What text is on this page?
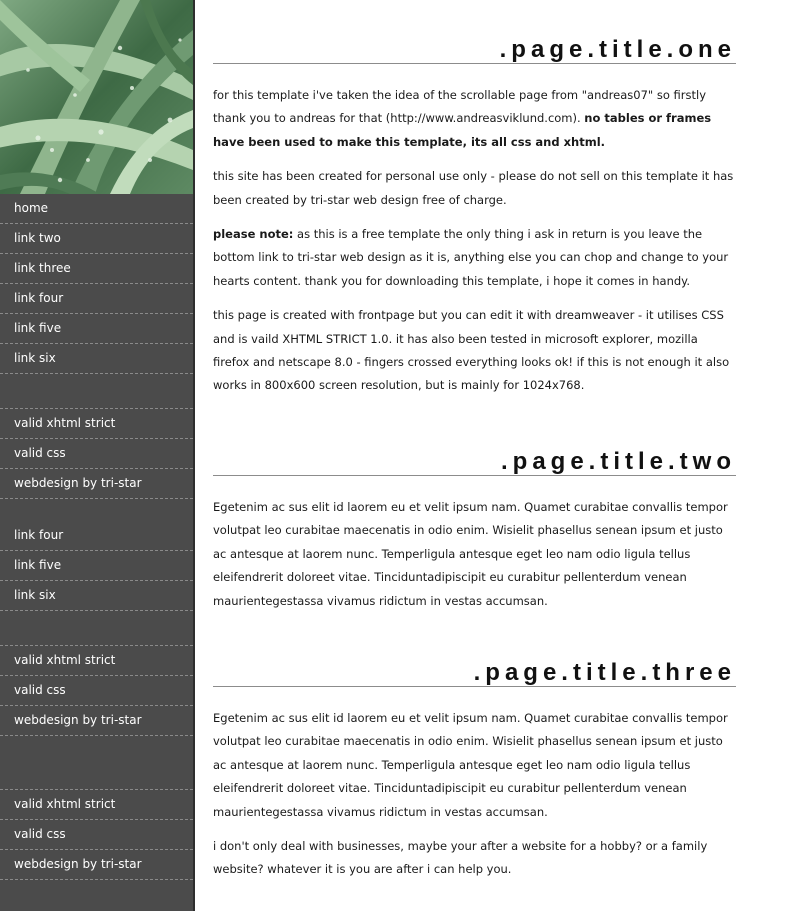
home
link two
link three
link four
link five
link six
valid xhtml strict
valid css
webdesign by tri-star
link four
link five
link six
valid xhtml strict
valid css
webdesign by tri-star
valid xhtml strict
valid css
webdesign by tri-star
.page.title.one

for this template i've taken the idea of the scrollable page from "andreas07" so firstly thank you to andreas for that (http://www.andreasviklund.com). no tables or frames have been used to make this template, its all css and xhtml.

this site has been created for personal use only - please do not sell on this template it has been created by tri-star web design free of charge.

please note: as this is a free template the only thing i ask in return is you leave the bottom link to tri-star web design as it is, anything else you can chop and change to your hearts content. thank you for downloading this template, i hope it comes in handy.

this page is created with frontpage but you can edit it with dreamweaver - it utilises CSS and is vaild XHTML STRICT 1.0. it has also been tested in microsoft explorer, mozilla firefox and netscape 8.0 - fingers crossed everything looks ok! if this is not enough it also works in 800x600 screen resolution, but is mainly for 1024x768.

.page.title.two

Egetenim ac sus elit id laorem eu et velit ipsum nam. Quamet curabitae convallis tempor volutpat leo curabitae maecenatis in odio enim. Wisielit phasellus senean ipsum et justo ac antesque at laorem nunc. Temperligula antesque eget leo nam odio ligula tellus eleifendrerit doloreet vitae. Tinciduntadipiscipit eu curabitur pellenterdum venean maurientegestassa vivamus ridictum in vestas accumsan.

.page.title.three

Egetenim ac sus elit id laorem eu et velit ipsum nam. Quamet curabitae convallis tempor volutpat leo curabitae maecenatis in odio enim. Wisielit phasellus senean ipsum et justo ac antesque at laorem nunc. Temperligula antesque eget leo nam odio ligula tellus eleifendrerit doloreet vitae. Tinciduntadipiscipit eu curabitur pellenterdum venean maurientegestassa vivamus ridictum in vestas accumsan.

i don't only deal with businesses, maybe your after a website for a hobby? or a family website? whatever it is you are after i can help you.
